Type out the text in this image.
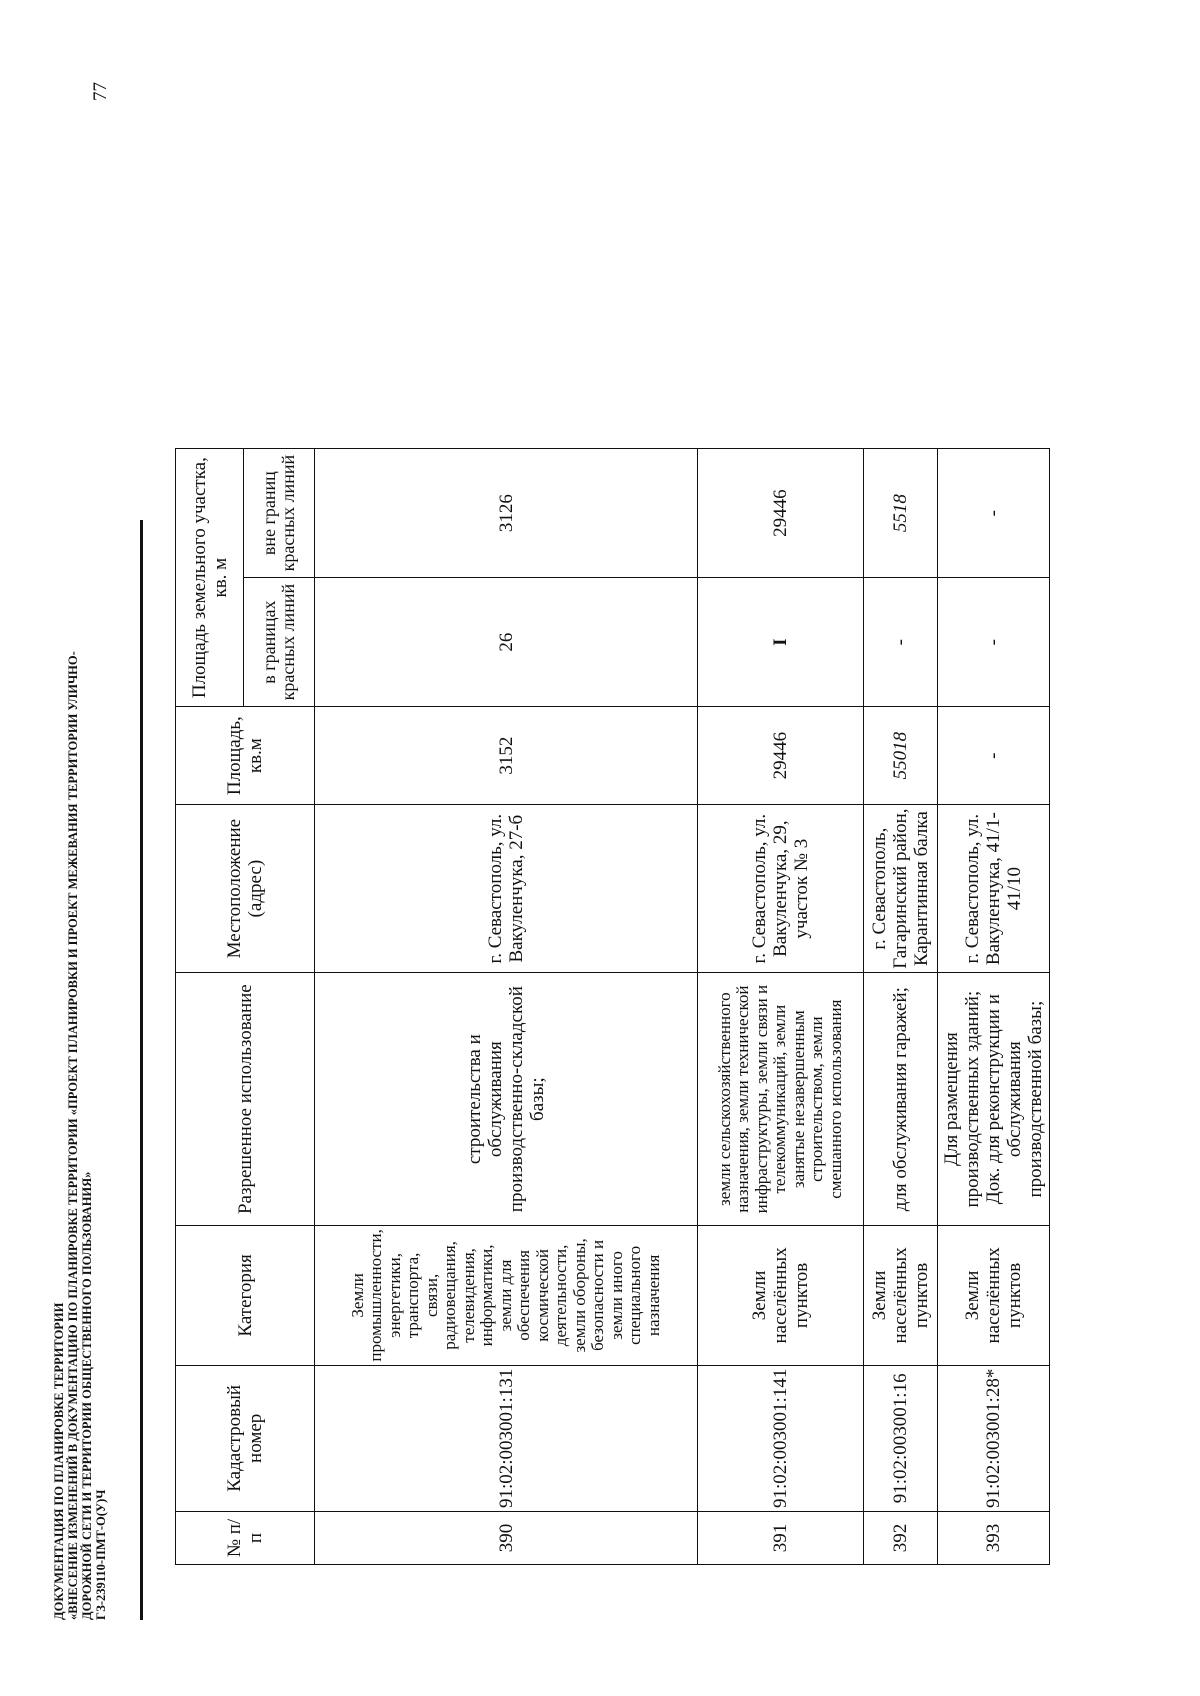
77
ДОКУМЕНТАЦИЯ ПО ПЛАНИРОВКЕ ТЕРРИТОРИИ «ВНЕСЕНИЕ ИЗМЕНЕНИЙ В ДОКУМЕНТАЦИЮ ПО ПЛАНИРОВКЕ ТЕРРИТОРИИ «ПРОЕКТ ПЛАНИРОВКИ И ПРОЕКТ МЕЖЕВАНИЯ ТЕРРИТОРИИ УЛИЧНО- ДОРОЖНОЙ СЕТИ И ТЕРРИТОРИИ ОБЩЕСТВЕННОГО ПОЛЬЗОВАНИЯ» ГЗ-239110-ПМТ-О(У)Ч	№ п/п	Кадастровый номер	Категория	Разрешенное использование	Местоположение (адрес)	Площадь, кв.м	Площадь земельного участка, кв. м	
						в границах красных линий	вне границ красных линий
390	91:02:003001:131	Земли промышленности, энергетики, транспорта, связи, радиовещания, телевидения, информатики, земли для обеспечения космической деятельности, земли обороны, безопасности и земли иного специального назначения	строительства и обслуживания производственно-складской базы;	г. Севастополь, ул. Вакуленчука, 27-б	3152	26	3126
391	91:02:003001:141	Земли населённых пунктов	земли сельскохозяйственного назначения, земли технической инфраструктуры, земли связи и телекоммуникаций, земли занятые незавершенным строительством, земли смешанного использования	г. Севастополь, ул. Вакуленчука, 29, участок № 3	29446	I	29446
392	91:02:003001:16	Земли населённых пунктов	для обслуживания гаражей;	г. Севастополь, Гагаринский район, Карантинная балка	55018	-	5518
393	91:02:003001:28*	Земли населённых пунктов	Для размещения производственных зданий; Док. для реконструкции и обслуживания производственной базы;	г. Севастополь, ул. Вакуленчука, 41/1-41/10	-	-	-
